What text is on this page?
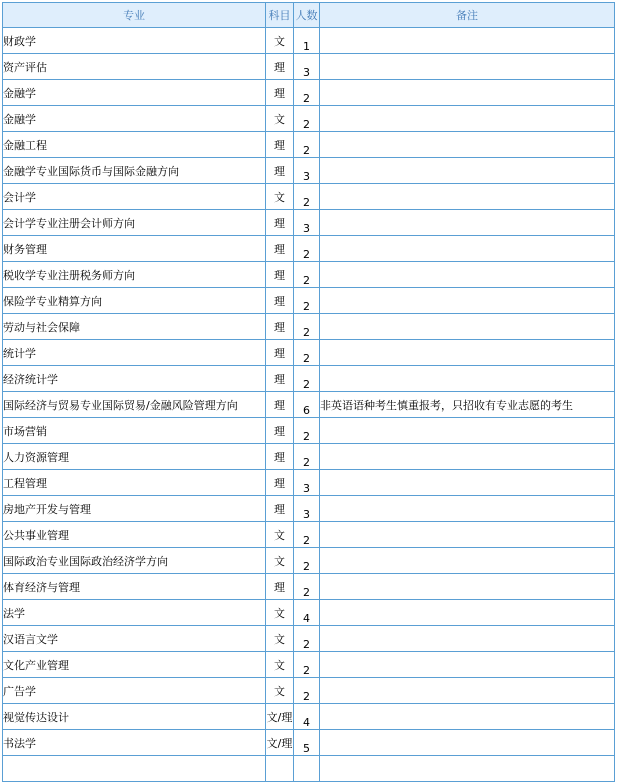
专业	科目	人数	备注
财政学	文	1	
资产评估	理	3	
金融学	理	2	
金融学	文	2	
金融工程	理	2	
金融学专业国际货币与国际金融方向	理	3	
会计学	文	2	
会计学专业注册会计师方向	理	3	
财务管理	理	2	
税收学专业注册税务师方向	理	2	
保险学专业精算方向	理	2	
劳动与社会保障	理	2	
统计学	理	2	
经济统计学	理	2	
国际经济与贸易专业国际贸易/金融风险管理方向	理	6	非英语语种考生慎重报考，只招收有专业志愿的考生
市场营销	理	2	
人力资源管理	理	2	
工程管理	理	3	
房地产开发与管理	理	3	
公共事业管理	文	2	
国际政治专业国际政治经济学方向	文	2	
体育经济与管理	理	2	
法学	文	4	
汉语言文学	文	2	
文化产业管理	文	2	
广告学	文	2	
视觉传达设计	文/理	4	
书法学	文/理	5	
